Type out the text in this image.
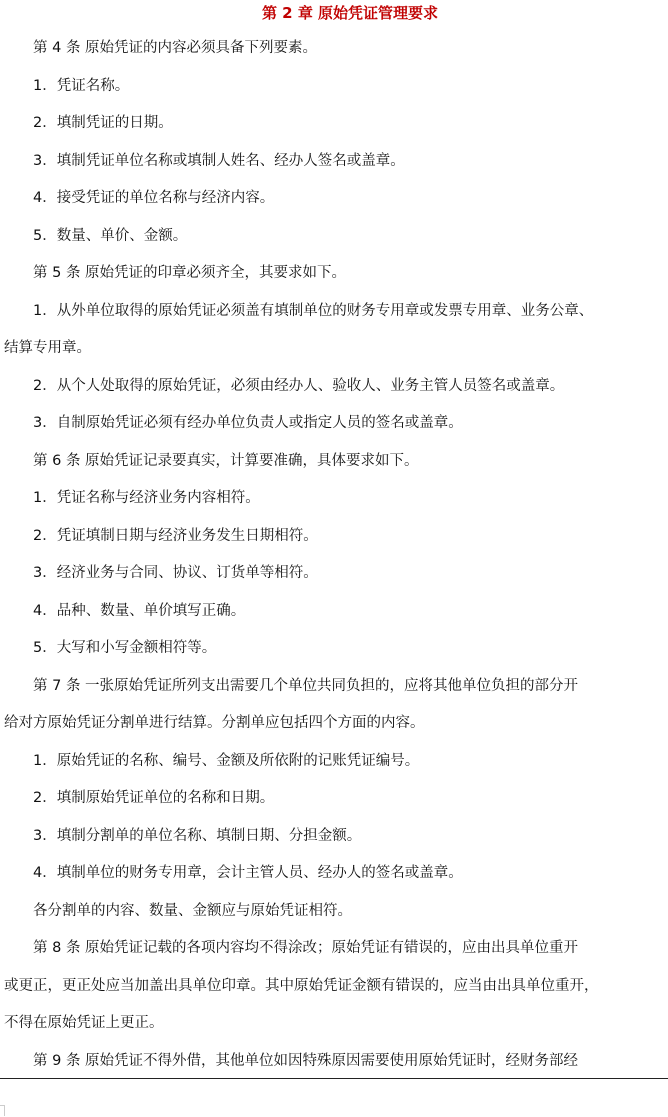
第 2 章 原始凭证管理要求
第 4 条 原始凭证的内容必须具备下列要素。
1．凭证名称。
2．填制凭证的日期。
3．填制凭证单位名称或填制人姓名、经办人签名或盖章。
4．接受凭证的单位名称与经济内容。
5．数量、单价、金额。
第 5 条 原始凭证的印章必须齐全，其要求如下。
1．从外单位取得的原始凭证必须盖有填制单位的财务专用章或发票专用章、业务公章、
结算专用章。
2．从个人处取得的原始凭证，必须由经办人、验收人、业务主管人员签名或盖章。
3．自制原始凭证必须有经办单位负责人或指定人员的签名或盖章。
第 6 条 原始凭证记录要真实，计算要准确，具体要求如下。
1．凭证名称与经济业务内容相符。
2．凭证填制日期与经济业务发生日期相符。
3．经济业务与合同、协议、订货单等相符。
4．品种、数量、单价填写正确。
5．大写和小写金额相符等。
第 7 条 一张原始凭证所列支出需要几个单位共同负担的，应将其他单位负担的部分开
给对方原始凭证分割单进行结算。分割单应包括四个方面的内容。
1．原始凭证的名称、编号、金额及所依附的记账凭证编号。
2．填制原始凭证单位的名称和日期。
3．填制分割单的单位名称、填制日期、分担金额。
4．填制单位的财务专用章，会计主管人员、经办人的签名或盖章。
各分割单的内容、数量、金额应与原始凭证相符。
第 8 条 原始凭证记载的各项内容均不得涂改；原始凭证有错误的，应由出具单位重开
或更正，更正处应当加盖出具单位印章。其中原始凭证金额有错误的，应当由出具单位重开，
不得在原始凭证上更正。
第 9 条 原始凭证不得外借，其他单位如因特殊原因需要使用原始凭证时，经财务部经
